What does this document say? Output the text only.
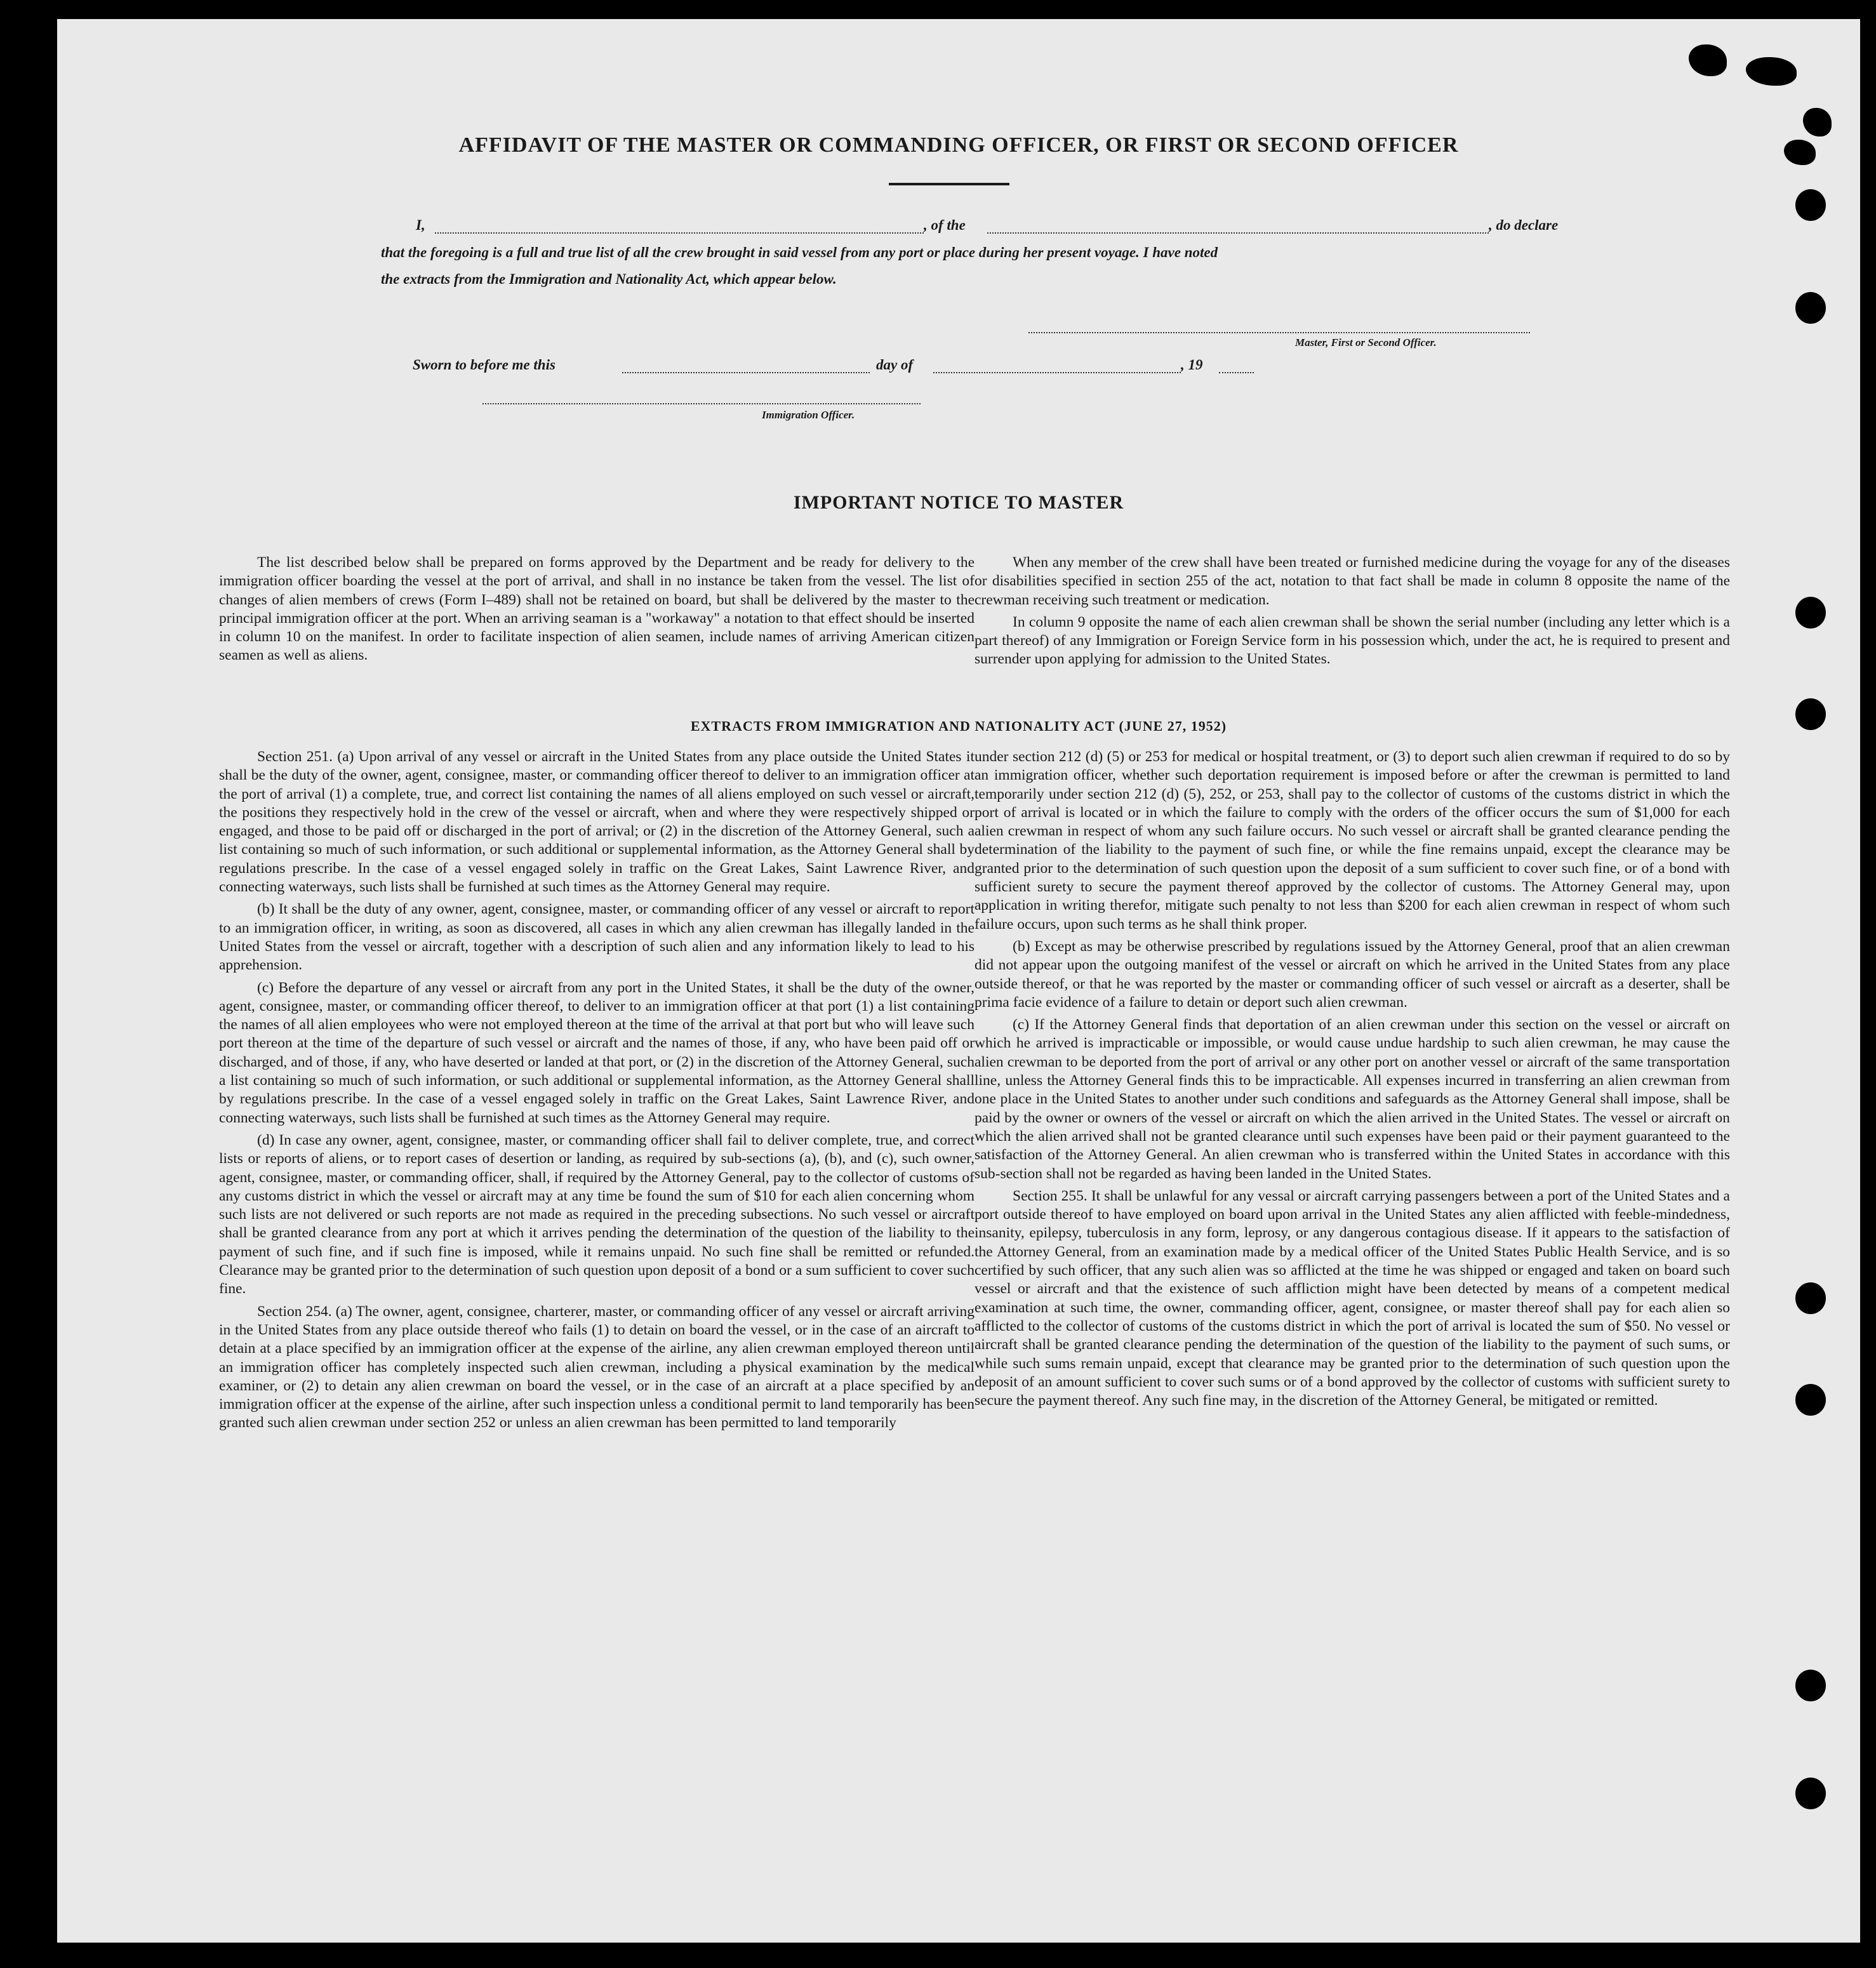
AFFIDAVIT OF THE MASTER OR COMMANDING OFFICER, OR FIRST OR SECOND OFFICER
I,	, of the	, do declare
that the foregoing is a full and true list of all the crew brought in said vessel from any port or place during her present voyage. I have noted
the extracts from the Immigration and Nationality Act, which appear below.
Master, First or Second Officer.
Sworn to before me this	day of	, 19
Immigration Officer.
IMPORTANT NOTICE TO MASTER

The list described below shall be prepared on forms approved by the Department and be ready for delivery to the immigration officer boarding the vessel at the port of arrival, and shall in no instance be taken from the vessel. The list of changes of alien members of crews (Form I–489) shall not be retained on board, but shall be delivered by the master to the principal immigration officer at the port. When an arriving seaman is a "workaway" a notation to that effect should be inserted in column 10 on the manifest. In order to facilitate inspection of alien seamen, include names of arriving American citizen seamen as well as aliens.

When any member of the crew shall have been treated or furnished medicine during the voyage for any of the diseases or disabilities specified in section 255 of the act, notation to that fact shall be made in column 8 opposite the name of the crewman receiving such treatment or medication.

In column 9 opposite the name of each alien crewman shall be shown the serial number (including any letter which is a part thereof) of any Immigration or Foreign Service form in his possession which, under the act, he is required to present and surrender upon applying for admission to the United States.

EXTRACTS FROM IMMIGRATION AND NATIONALITY ACT (JUNE 27, 1952)

Section 251. (a) Upon arrival of any vessel or aircraft in the United States from any place outside the United States it shall be the duty of the owner, agent, consignee, master, or commanding officer thereof to deliver to an immigration officer at the port of arrival (1) a complete, true, and correct list containing the names of all aliens employed on such vessel or aircraft, the positions they respectively hold in the crew of the vessel or aircraft, when and where they were respectively shipped or engaged, and those to be paid off or discharged in the port of arrival; or (2) in the discretion of the Attorney General, such a list containing so much of such information, or such additional or supplemental information, as the Attorney General shall by regulations prescribe. In the case of a vessel engaged solely in traffic on the Great Lakes, Saint Lawrence River, and connecting waterways, such lists shall be furnished at such times as the Attorney General may require.

(b) It shall be the duty of any owner, agent, consignee, master, or commanding officer of any vessel or aircraft to report to an immigration officer, in writing, as soon as discovered, all cases in which any alien crewman has illegally landed in the United States from the vessel or aircraft, together with a description of such alien and any information likely to lead to his apprehension.

(c) Before the departure of any vessel or aircraft from any port in the United States, it shall be the duty of the owner, agent, consignee, master, or commanding officer thereof, to deliver to an immigration officer at that port (1) a list containing the names of all alien employees who were not employed thereon at the time of the arrival at that port but who will leave such port thereon at the time of the departure of such vessel or aircraft and the names of those, if any, who have been paid off or discharged, and of those, if any, who have deserted or landed at that port, or (2) in the discretion of the Attorney General, such a list containing so much of such information, or such additional or supplemental information, as the Attorney General shall by regulations prescribe. In the case of a vessel engaged solely in traffic on the Great Lakes, Saint Lawrence River, and connecting waterways, such lists shall be furnished at such times as the Attorney General may require.

(d) In case any owner, agent, consignee, master, or commanding officer shall fail to deliver complete, true, and correct lists or reports of aliens, or to report cases of desertion or landing, as required by sub-sections (a), (b), and (c), such owner, agent, consignee, master, or commanding officer, shall, if required by the Attorney General, pay to the collector of customs of any customs district in which the vessel or aircraft may at any time be found the sum of $10 for each alien concerning whom such lists are not delivered or such reports are not made as required in the preceding subsections. No such vessel or aircraft shall be granted clearance from any port at which it arrives pending the determination of the question of the liability to the payment of such fine, and if such fine is imposed, while it remains unpaid. No such fine shall be remitted or refunded. Clearance may be granted prior to the determination of such question upon deposit of a bond or a sum sufficient to cover such fine.

Section 254. (a) The owner, agent, consignee, charterer, master, or commanding officer of any vessel or aircraft arriving in the United States from any place outside thereof who fails (1) to detain on board the vessel, or in the case of an aircraft to detain at a place specified by an immigration officer at the expense of the airline, any alien crewman employed thereon until an immigration officer has completely inspected such alien crewman, including a physical examination by the medical examiner, or (2) to detain any alien crewman on board the vessel, or in the case of an aircraft at a place specified by an immigration officer at the expense of the airline, after such inspection unless a conditional permit to land temporarily has been granted such alien crewman under section 252 or unless an alien crewman has been permitted to land temporarily

under section 212 (d) (5) or 253 for medical or hospital treatment, or (3) to deport such alien crewman if required to do so by an immigration officer, whether such deportation requirement is imposed before or after the crewman is permitted to land temporarily under section 212 (d) (5), 252, or 253, shall pay to the collector of customs of the customs district in which the port of arrival is located or in which the failure to comply with the orders of the officer occurs the sum of $1,000 for each alien crewman in respect of whom any such failure occurs. No such vessel or aircraft shall be granted clearance pending the determination of the liability to the payment of such fine, or while the fine remains unpaid, except the clearance may be granted prior to the determination of such question upon the deposit of a sum sufficient to cover such fine, or of a bond with sufficient surety to secure the payment thereof approved by the collector of customs. The Attorney General may, upon application in writing therefor, mitigate such penalty to not less than $200 for each alien crewman in respect of whom such failure occurs, upon such terms as he shall think proper.

(b) Except as may be otherwise prescribed by regulations issued by the Attorney General, proof that an alien crewman did not appear upon the outgoing manifest of the vessel or aircraft on which he arrived in the United States from any place outside thereof, or that he was reported by the master or commanding officer of such vessel or aircraft as a deserter, shall be prima facie evidence of a failure to detain or deport such alien crewman.

(c) If the Attorney General finds that deportation of an alien crewman under this section on the vessel or aircraft on which he arrived is impracticable or impossible, or would cause undue hardship to such alien crewman, he may cause the alien crewman to be deported from the port of arrival or any other port on another vessel or aircraft of the same transportation line, unless the Attorney General finds this to be impracticable. All expenses incurred in transferring an alien crewman from one place in the United States to another under such conditions and safeguards as the Attorney General shall impose, shall be paid by the owner or owners of the vessel or aircraft on which the alien arrived in the United States. The vessel or aircraft on which the alien arrived shall not be granted clearance until such expenses have been paid or their payment guaranteed to the satisfaction of the Attorney General. An alien crewman who is transferred within the United States in accordance with this sub-section shall not be regarded as having been landed in the United States.

Section 255. It shall be unlawful for any vessal or aircraft carrying passengers between a port of the United States and a port outside thereof to have employed on board upon arrival in the United States any alien afflicted with feeble-mindedness, insanity, epilepsy, tuberculosis in any form, leprosy, or any dangerous contagious disease. If it appears to the satisfaction of the Attorney General, from an examination made by a medical officer of the United States Public Health Service, and is so certified by such officer, that any such alien was so afflicted at the time he was shipped or engaged and taken on board such vessel or aircraft and that the existence of such affliction might have been detected by means of a competent medical examination at such time, the owner, commanding officer, agent, consignee, or master thereof shall pay for each alien so afflicted to the collector of customs of the customs district in which the port of arrival is located the sum of $50. No vessel or aircraft shall be granted clearance pending the determination of the question of the liability to the payment of such sums, or while such sums remain unpaid, except that clearance may be granted prior to the determination of such question upon the deposit of an amount sufficient to cover such sums or of a bond approved by the collector of customs with sufficient surety to secure the payment thereof. Any such fine may, in the discretion of the Attorney General, be mitigated or remitted.
